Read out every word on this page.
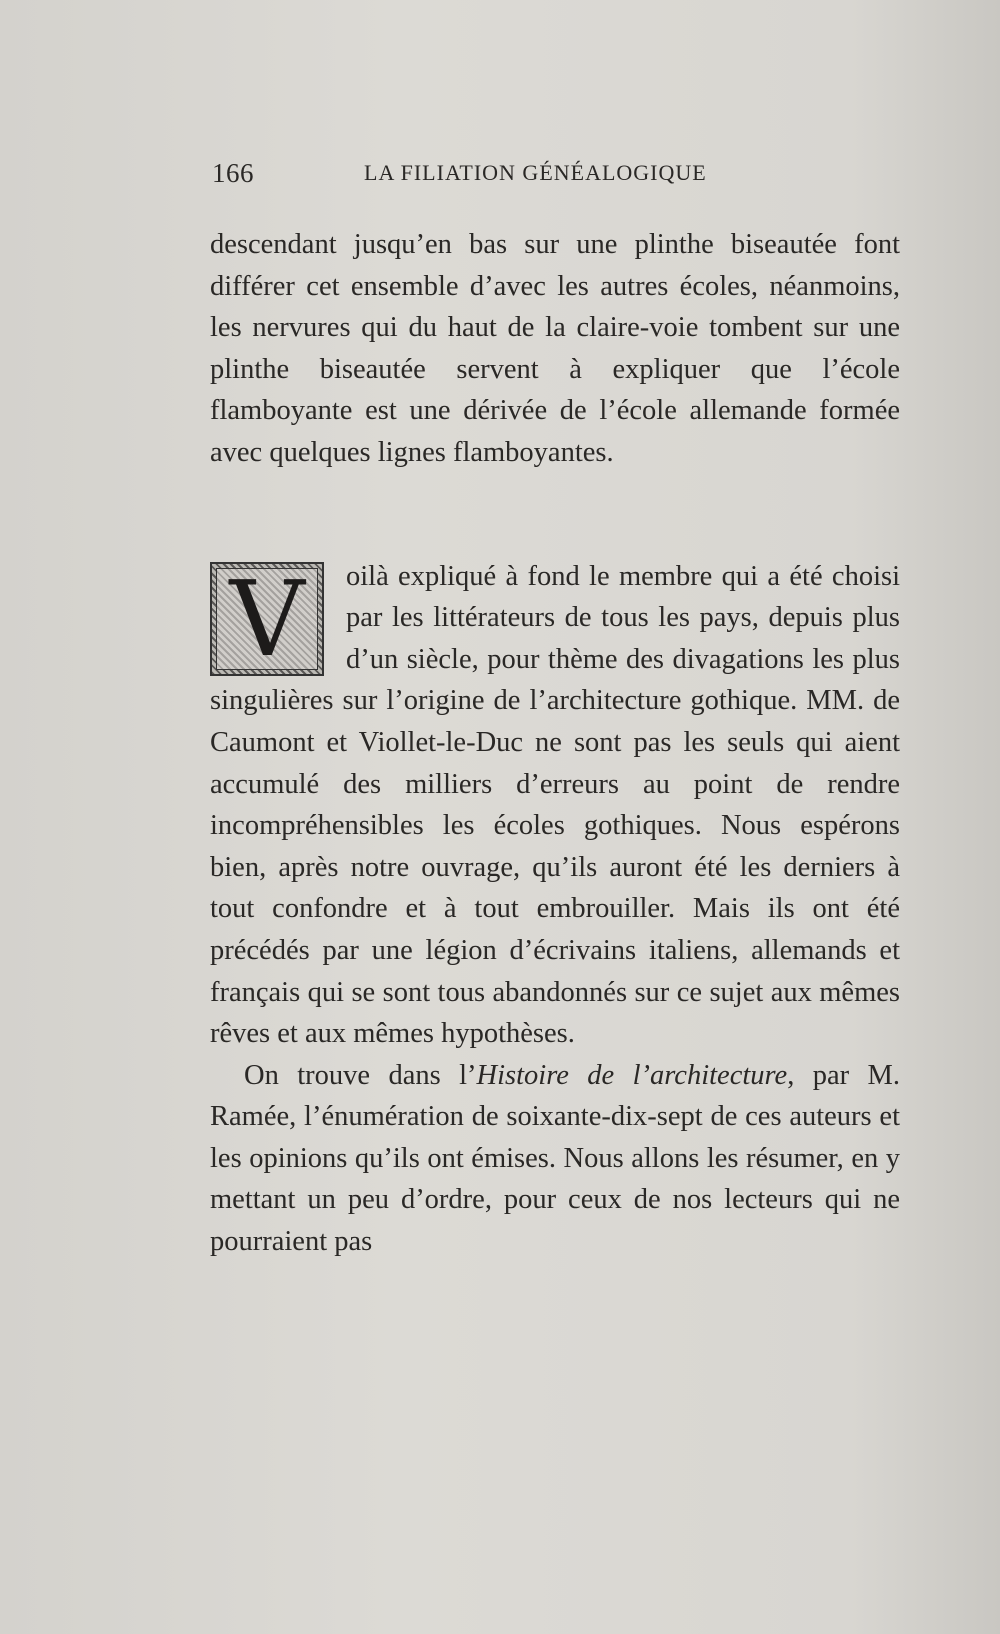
166	LA FILIATION GÉNÉALOGIQUE

descendant jusqu’en bas sur une plinthe biseautée font différer cet ensemble d’avec les autres écoles, néanmoins, les nervures qui du haut de la claire-voie tombent sur une plinthe biseautée servent à expliquer que l’école flamboyante est une dérivée de l’école allemande formée avec quelques lignes flamboyantes.

V	oilà expliqué à fond le membre qui a été choisi par les littérateurs de tous les pays, depuis plus d’un siècle, pour thème des divagations les plus singulières sur l’origine de l’architecture gothique. MM. de Caumont et Viollet-le-Duc ne sont pas les seuls qui aient accumulé des milliers d’erreurs au point de rendre incompréhensibles les écoles gothiques. Nous espérons bien, après notre ouvrage, qu’ils auront été les derniers à tout confondre et à tout embrouiller. Mais ils ont été précédés par une légion d’écrivains italiens, allemands et français qui se sont tous abandonnés sur ce sujet aux mêmes rêves et aux mêmes hypothèses.

On trouve dans l’Histoire de l’architecture, par M. Ramée, l’énumération de soixante-dix-sept de ces auteurs et les opinions qu’ils ont émises. Nous allons les résumer, en y mettant un peu d’ordre, pour ceux de nos lecteurs qui ne pourraient pas
